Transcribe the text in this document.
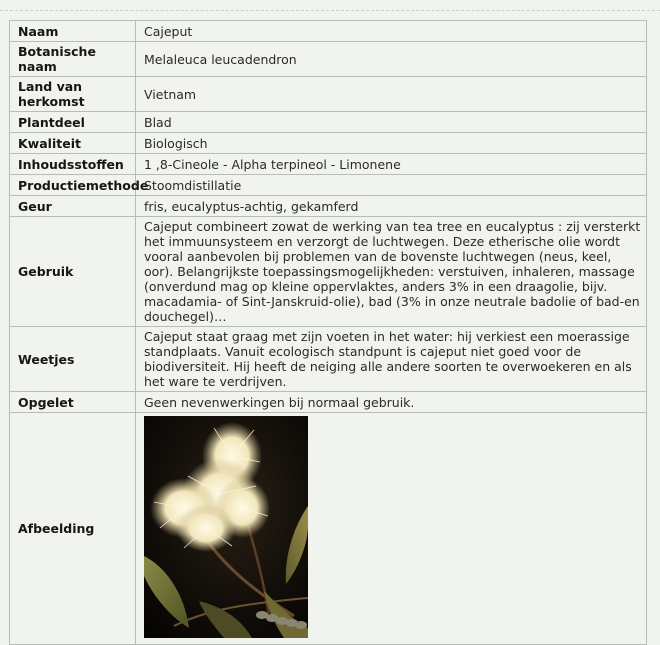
Naam	Cajeput
Botanische naam	Melaleuca leucadendron
Land van herkomst	Vietnam
Plantdeel	Blad
Kwaliteit	Biologisch
Inhoudsstoffen	1 ,8-Cineole - Alpha terpineol - Limonene
Productiemethode	Stoomdistillatie
Geur	fris, eucalyptus-achtig, gekamferd
Gebruik	Cajeput combineert zowat de werking van tea tree en eucalyptus : zij versterkt het immuunsysteem en verzorgt de luchtwegen. Deze etherische olie wordt vooral aanbevolen bij problemen van de bovenste luchtwegen (neus, keel, oor). Belangrijkste toepassingsmogelijkheden: verstuiven, inhaleren, massage (onverdund mag op kleine oppervlaktes, anders 3% in een draagolie, bijv. macadamia- of Sint-Janskruid-olie), bad (3% in onze neutrale badolie of bad-en douchegel)…
Weetjes	Cajeput staat graag met zijn voeten in het water: hij verkiest een moerassige standplaats. Vanuit ecologisch standpunt is cajeput niet goed voor de biodiversiteit. Hij heeft de neiging alle andere soorten te overwoekeren en als het ware te verdrijven.
Opgelet	Geen nevenwerkingen bij normaal gebruik.
Afbeelding	
